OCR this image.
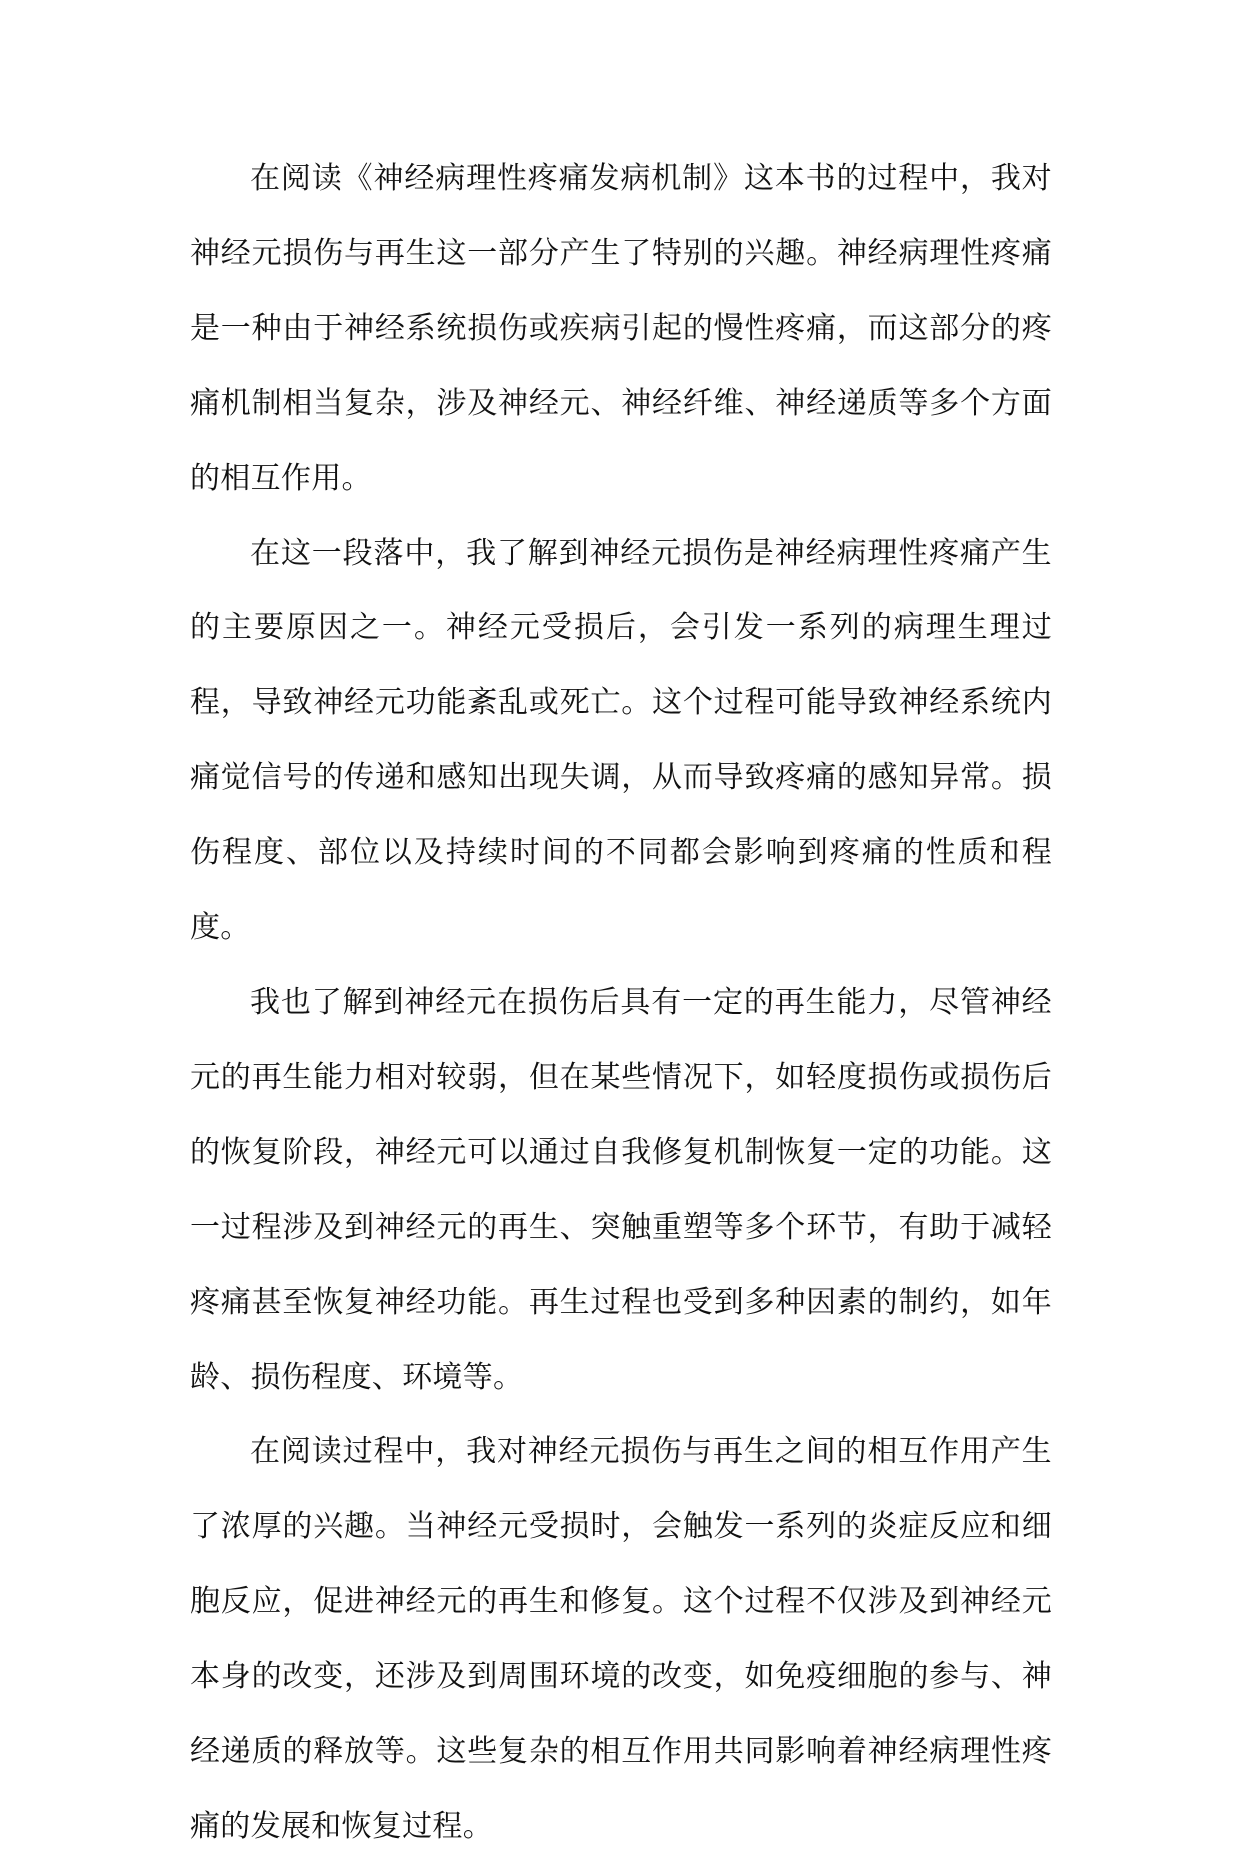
在阅读《神经病理性疼痛发病机制》这本书的过程中，我对神经元损伤与再生这一部分产生了特别的兴趣。神经病理性疼痛是一种由于神经系统损伤或疾病引起的慢性疼痛，而这部分的疼痛机制相当复杂，涉及神经元、神经纤维、神经递质等多个方面的相互作用。

在这一段落中，我了解到神经元损伤是神经病理性疼痛产生的主要原因之一。神经元受损后，会引发一系列的病理生理过程，导致神经元功能紊乱或死亡。这个过程可能导致神经系统内痛觉信号的传递和感知出现失调，从而导致疼痛的感知异常。损伤程度、部位以及持续时间的不同都会影响到疼痛的性质和程度。

我也了解到神经元在损伤后具有一定的再生能力，尽管神经元的再生能力相对较弱，但在某些情况下，如轻度损伤或损伤后的恢复阶段，神经元可以通过自我修复机制恢复一定的功能。这一过程涉及到神经元的再生、突触重塑等多个环节，有助于减轻疼痛甚至恢复神经功能。再生过程也受到多种因素的制约，如年龄、损伤程度、环境等。

在阅读过程中，我对神经元损伤与再生之间的相互作用产生了浓厚的兴趣。当神经元受损时，会触发一系列的炎症反应和细胞反应，促进神经元的再生和修复。这个过程不仅涉及到神经元本身的改变，还涉及到周围环境的改变，如免疫细胞的参与、神经递质的释放等。这些复杂的相互作用共同影响着神经病理性疼痛的发展和恢复过程。
